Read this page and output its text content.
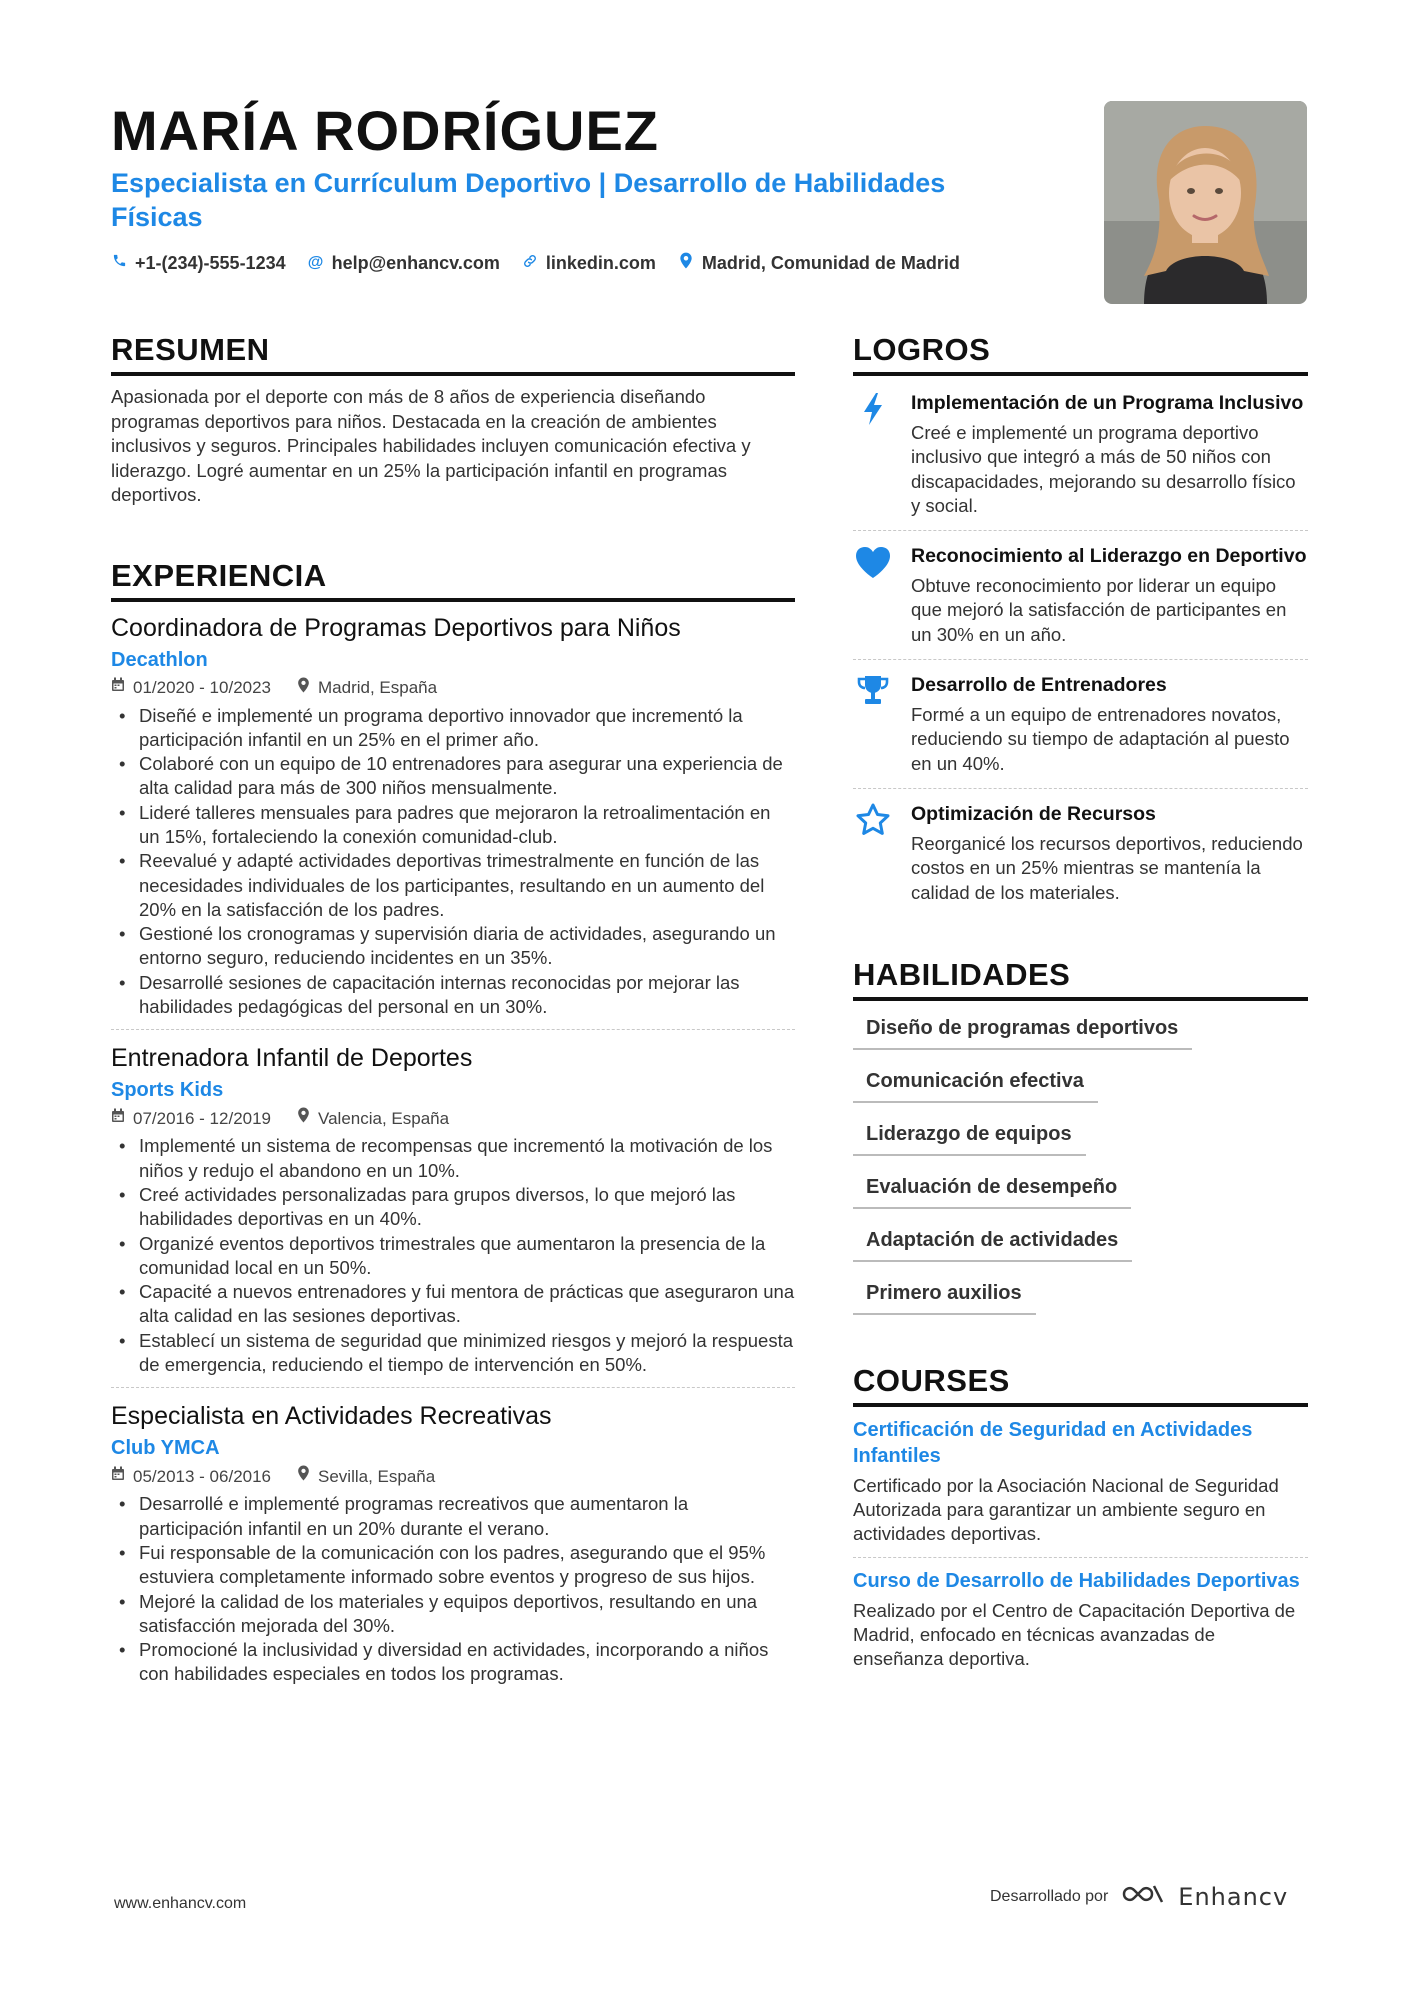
MARÍA RODRÍGUEZ
Especialista en Currículum Deportivo | Desarrollo de Habilidades Físicas
+1-(234)-555-1234 @ help@enhancv.com	linkedin.com	Madrid, Comunidad de Madrid
RESUMEN
Apasionada por el deporte con más de 8 años de experiencia diseñando programas deportivos para niños. Destacada en la creación de ambientes inclusivos y seguros. Principales habilidades incluyen comunicación efectiva y liderazgo. Logré aumentar en un 25% la participación infantil en programas deportivos.
EXPERIENCIA
Coordinadora de Programas Deportivos para Niños
Decathlon
01/2020 - 10/2023	Madrid, España
• Diseñé e implementé un programa deportivo innovador que incrementó la participación infantil en un 25% en el primer año.
• Colaboré con un equipo de 10 entrenadores para asegurar una experiencia de alta calidad para más de 300 niños mensualmente.
• Lideré talleres mensuales para padres que mejoraron la retroalimentación en un 15%, fortaleciendo la conexión comunidad-club.
• Reevalué y adapté actividades deportivas trimestralmente en función de las necesidades individuales de los participantes, resultando en un aumento del 20% en la satisfacción de los padres.
• Gestioné los cronogramas y supervisión diaria de actividades, asegurando un entorno seguro, reduciendo incidentes en un 35%.
• Desarrollé sesiones de capacitación internas reconocidas por mejorar las habilidades pedagógicas del personal en un 30%.
Entrenadora Infantil de Deportes
Sports Kids
07/2016 - 12/2019	Valencia, España
• Implementé un sistema de recompensas que incrementó la motivación de los niños y redujo el abandono en un 10%.
• Creé actividades personalizadas para grupos diversos, lo que mejoró las habilidades deportivas en un 40%.
• Organizé eventos deportivos trimestrales que aumentaron la presencia de la comunidad local en un 50%.
• Capacité a nuevos entrenadores y fui mentora de prácticas que aseguraron una alta calidad en las sesiones deportivas.
• Establecí un sistema de seguridad que minimized riesgos y mejoró la respuesta de emergencia, reduciendo el tiempo de intervención en 50%.
Especialista en Actividades Recreativas
Club YMCA
05/2013 - 06/2016	Sevilla, España
• Desarrollé e implementé programas recreativos que aumentaron la participación infantil en un 20% durante el verano.
• Fui responsable de la comunicación con los padres, asegurando que el 95% estuviera completamente informado sobre eventos y progreso de sus hijos.
• Mejoré la calidad de los materiales y equipos deportivos, resultando en una satisfacción mejorada del 30%.
• Promocioné la inclusividad y diversidad en actividades, incorporando a niños con habilidades especiales en todos los programas.
LOGROS
Implementación de un Programa Inclusivo
Creé e implementé un programa deportivo inclusivo que integró a más de 50 niños con discapacidades, mejorando su desarrollo físico y social.
Reconocimiento al Liderazgo en Deportivo
Obtuve reconocimiento por liderar un equipo que mejoró la satisfacción de participantes en un 30% en un año.
Desarrollo de Entrenadores
Formé a un equipo de entrenadores novatos, reduciendo su tiempo de adaptación al puesto en un 40%.
Optimización de Recursos
Reorganicé los recursos deportivos, reduciendo costos en un 25% mientras se mantenía la calidad de los materiales.
HABILIDADES
Diseño de programas deportivos
Comunicación efectiva
Liderazgo de equipos
Evaluación de desempeño
Adaptación de actividades
Primero auxilios
COURSES
Certificación de Seguridad en Actividades Infantiles
Certificado por la Asociación Nacional de Seguridad Autorizada para garantizar un ambiente seguro en actividades deportivas.
Curso de Desarrollo de Habilidades Deportivas
Realizado por el Centro de Capacitación Deportiva de Madrid, enfocado en técnicas avanzadas de enseñanza deportiva.
www.enhancv.com	Desarrollado por	Enhancv
